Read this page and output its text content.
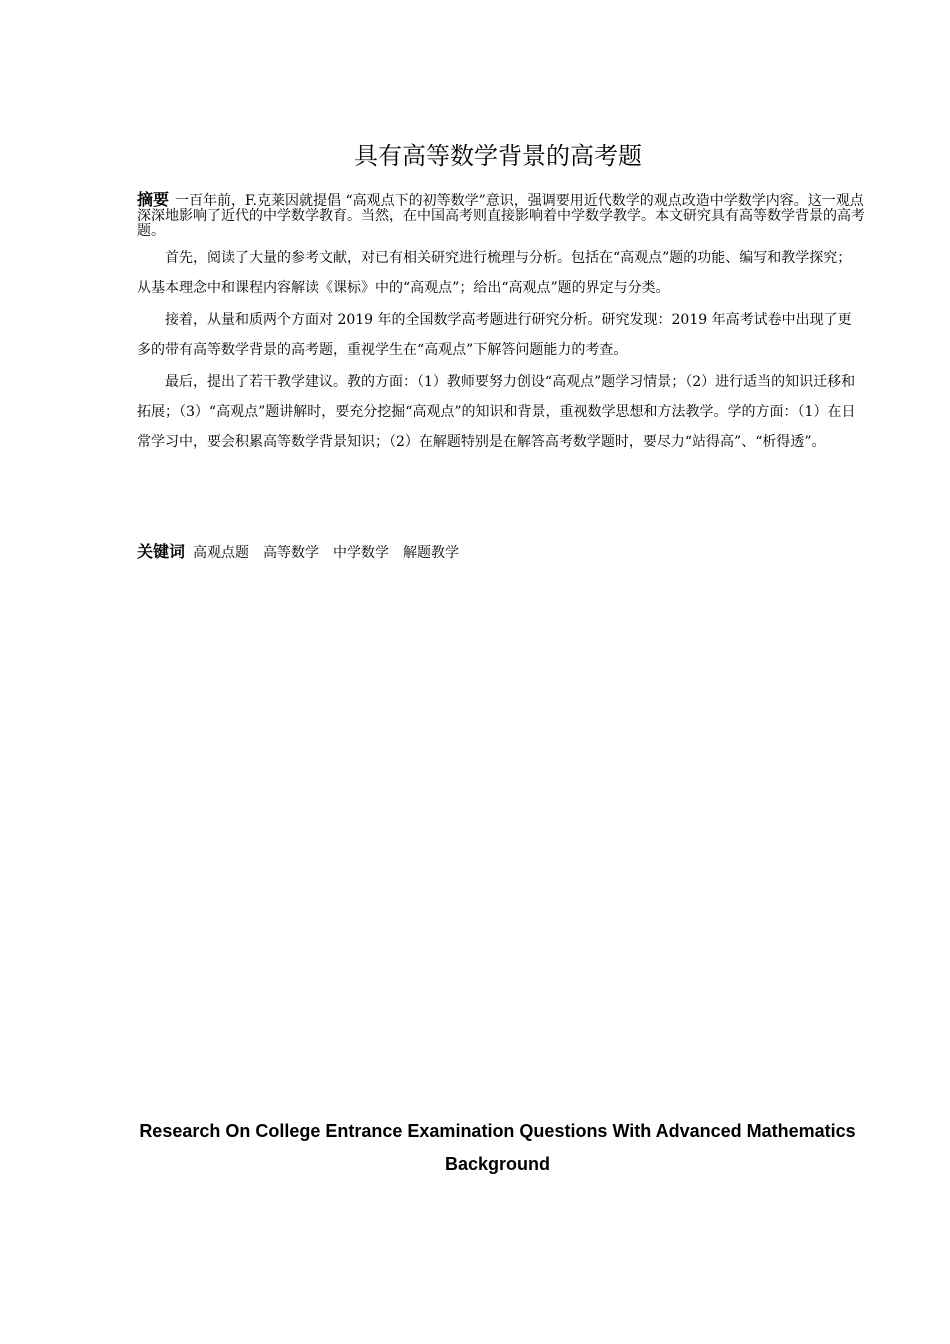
具有高等数学背景的高考题

摘要 一百年前，F.克莱因就提倡 “高观点下的初等数学”意识，强调要用近代数学的观点改造中学数学内容。这一观点深深地影响了近代的中学数学教育。当然，在中国高考则直接影响着中学数学教学。本文研究具有高等数学背景的高考题。

首先，阅读了大量的参考文献，对已有相关研究进行梳理与分析。包括在“高观点”题的功能、编写和教学探究；从基本理念中和课程内容解读《课标》中的“高观点”；给出“高观点”题的界定与分类。

接着，从量和质两个方面对 2019 年的全国数学高考题进行研究分析。研究发现：2019 年高考试卷中出现了更多的带有高等数学背景的高考题，重视学生在“高观点”下解答问题能力的考查。

最后，提出了若干教学建议。教的方面：（1）教师要努力创设“高观点”题学习情景；（2）进行适当的知识迁移和拓展；（3）“高观点”题讲解时，要充分挖掘“高观点”的知识和背景，重视数学思想和方法教学。学的方面：（1）在日常学习中，要会积累高等数学背景知识；（2）在解题特别是在解答高考数学题时，要尽力“站得高”、“析得透”。

关键词 高观点题 高等数学 中学数学 解题教学
Research On College Entrance Examination Questions With Advanced Mathematics Background
